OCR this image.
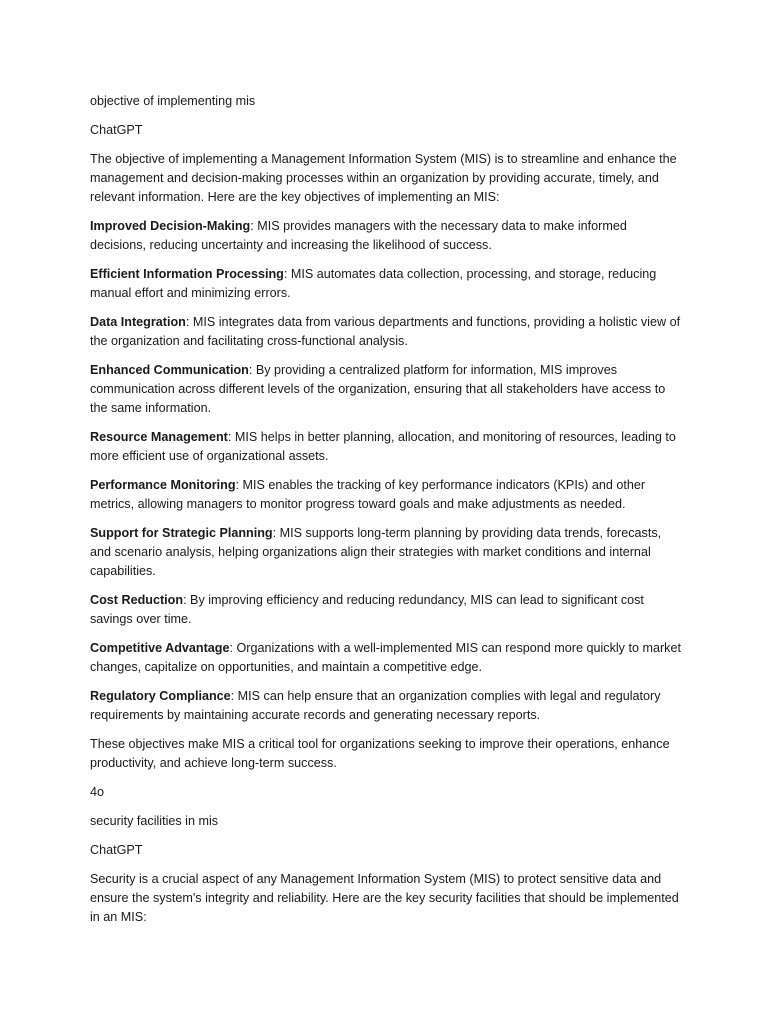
objective of implementing mis

ChatGPT

The objective of implementing a Management Information System (MIS) is to streamline and enhance the management and decision-making processes within an organization by providing accurate, timely, and relevant information. Here are the key objectives of implementing an MIS:

Improved Decision-Making: MIS provides managers with the necessary data to make informed decisions, reducing uncertainty and increasing the likelihood of success.

Efficient Information Processing: MIS automates data collection, processing, and storage, reducing manual effort and minimizing errors.

Data Integration: MIS integrates data from various departments and functions, providing a holistic view of the organization and facilitating cross-functional analysis.

Enhanced Communication: By providing a centralized platform for information, MIS improves communication across different levels of the organization, ensuring that all stakeholders have access to the same information.

Resource Management: MIS helps in better planning, allocation, and monitoring of resources, leading to more efficient use of organizational assets.

Performance Monitoring: MIS enables the tracking of key performance indicators (KPIs) and other metrics, allowing managers to monitor progress toward goals and make adjustments as needed.

Support for Strategic Planning: MIS supports long-term planning by providing data trends, forecasts, and scenario analysis, helping organizations align their strategies with market conditions and internal capabilities.

Cost Reduction: By improving efficiency and reducing redundancy, MIS can lead to significant cost savings over time.

Competitive Advantage: Organizations with a well-implemented MIS can respond more quickly to market changes, capitalize on opportunities, and maintain a competitive edge.

Regulatory Compliance: MIS can help ensure that an organization complies with legal and regulatory requirements by maintaining accurate records and generating necessary reports.

These objectives make MIS a critical tool for organizations seeking to improve their operations, enhance productivity, and achieve long-term success.

4o

security facilities in mis

ChatGPT

Security is a crucial aspect of any Management Information System (MIS) to protect sensitive data and ensure the system's integrity and reliability. Here are the key security facilities that should be implemented in an MIS:
